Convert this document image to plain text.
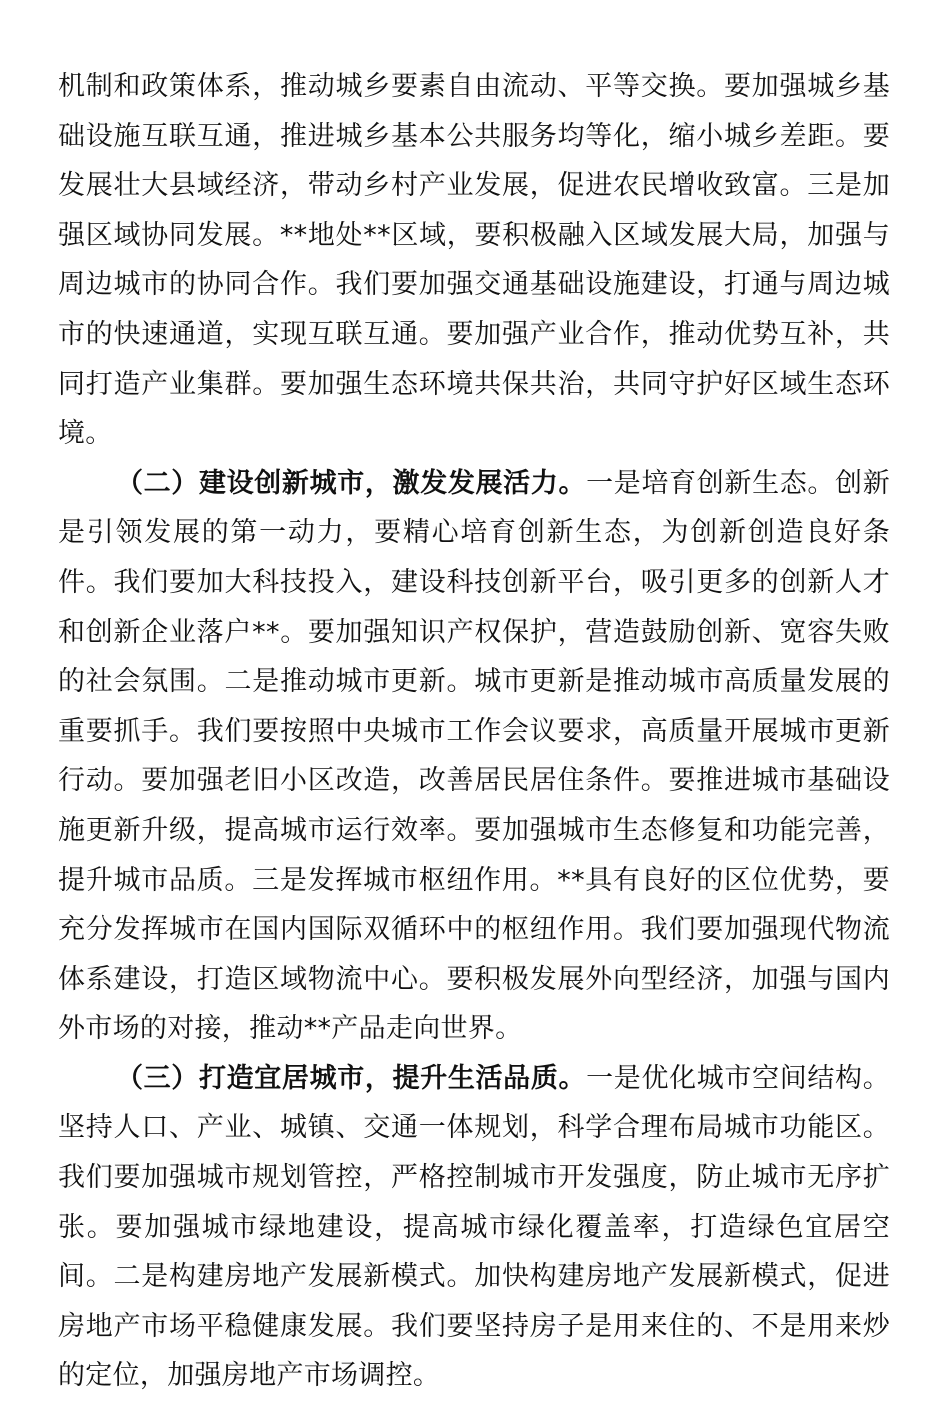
机制和政策体系，推动城乡要素自由流动、平等交换。要加强城乡基础设施互联互通，推进城乡基本公共服务均等化，缩小城乡差距。要发展壮大县域经济，带动乡村产业发展，促进农民增收致富。三是加强区域协同发展。**地处**区域，要积极融入区域发展大局，加强与周边城市的协同合作。我们要加强交通基础设施建设，打通与周边城市的快速通道，实现互联互通。要加强产业合作，推动优势互补，共同打造产业集群。要加强生态环境共保共治，共同守护好区域生态环境。

（二）建设创新城市，激发发展活力。一是培育创新生态。创新是引领发展的第一动力，要精心培育创新生态，为创新创造良好条件。我们要加大科技投入，建设科技创新平台，吸引更多的创新人才和创新企业落户**。要加强知识产权保护，营造鼓励创新、宽容失败的社会氛围。二是推动城市更新。城市更新是推动城市高质量发展的重要抓手。我们要按照中央城市工作会议要求，高质量开展城市更新行动。要加强老旧小区改造，改善居民居住条件。要推进城市基础设施更新升级，提高城市运行效率。要加强城市生态修复和功能完善，提升城市品质。三是发挥城市枢纽作用。**具有良好的区位优势，要充分发挥城市在国内国际双循环中的枢纽作用。我们要加强现代物流体系建设，打造区域物流中心。要积极发展外向型经济，加强与国内外市场的对接，推动**产品走向世界。

（三）打造宜居城市，提升生活品质。一是优化城市空间结构。坚持人口、产业、城镇、交通一体规划，科学合理布局城市功能区。我们要加强城市规划管控，严格控制城市开发强度，防止城市无序扩张。要加强城市绿地建设，提高城市绿化覆盖率，打造绿色宜居空间。二是构建房地产发展新模式。加快构建房地产发展新模式，促进房地产市场平稳健康发展。我们要坚持房子是用来住的、不是用来炒的定位，加强房地产市场调控。
